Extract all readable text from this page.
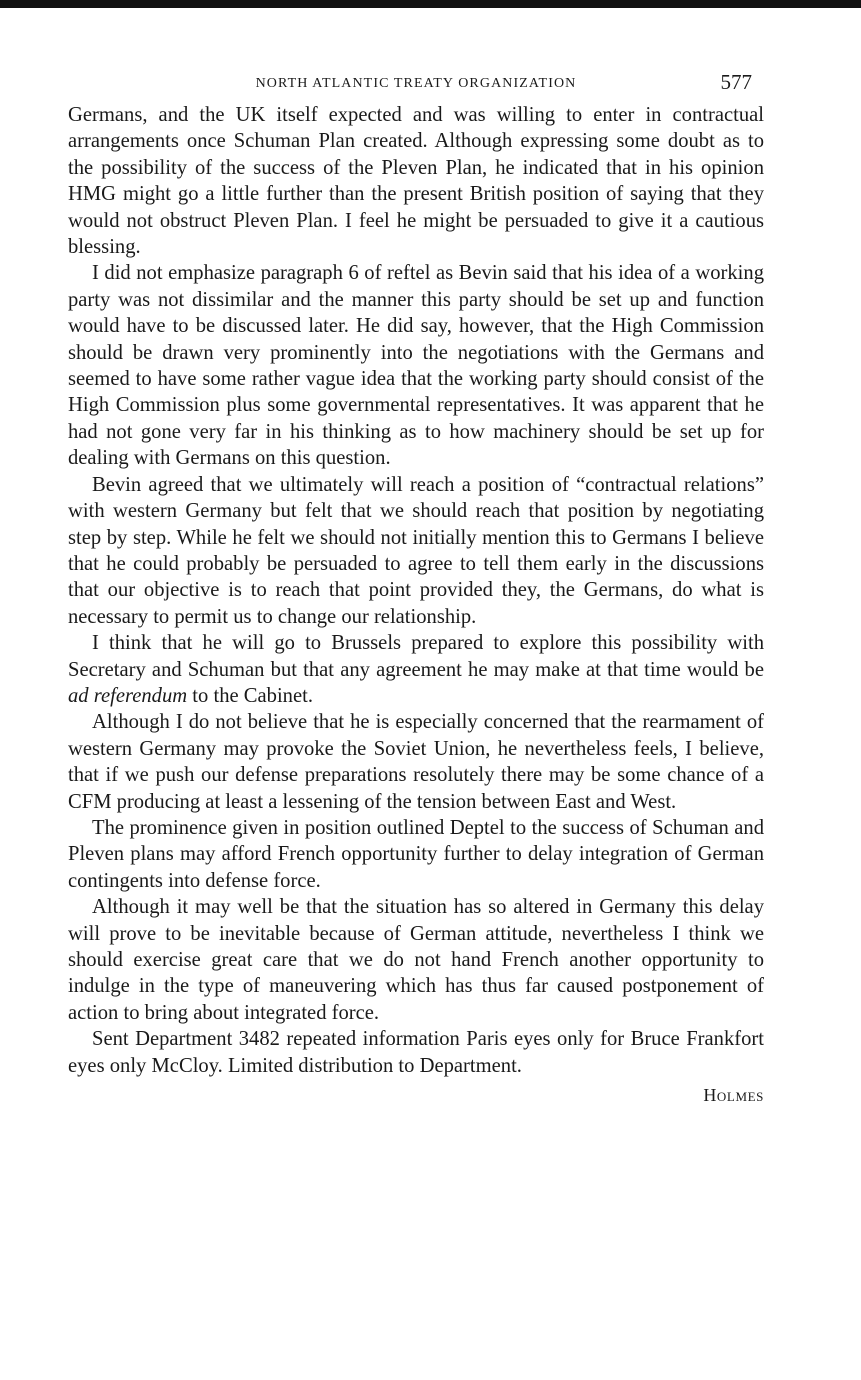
NORTH ATLANTIC TREATY ORGANIZATION	577

Germans, and the UK itself expected and was willing to enter in contractual arrangements once Schuman Plan created. Although expressing some doubt as to the possibility of the success of the Pleven Plan, he indicated that in his opinion HMG might go a little further than the present British position of saying that they would not obstruct Pleven Plan. I feel he might be persuaded to give it a cautious blessing.

I did not emphasize paragraph 6 of reftel as Bevin said that his idea of a working party was not dissimilar and the manner this party should be set up and function would have to be discussed later. He did say, however, that the High Commission should be drawn very prominently into the negotiations with the Germans and seemed to have some rather vague idea that the working party should consist of the High Commission plus some governmental representatives. It was apparent that he had not gone very far in his thinking as to how machinery should be set up for dealing with Germans on this question.

Bevin agreed that we ultimately will reach a position of “contractual relations” with western Germany but felt that we should reach that position by negotiating step by step. While he felt we should not initially mention this to Germans I believe that he could probably be persuaded to agree to tell them early in the discussions that our objective is to reach that point provided they, the Germans, do what is necessary to permit us to change our relationship.

I think that he will go to Brussels prepared to explore this possibility with Secretary and Schuman but that any agreement he may make at that time would be ad referendum to the Cabinet.

Although I do not believe that he is especially concerned that the rearmament of western Germany may provoke the Soviet Union, he nevertheless feels, I believe, that if we push our defense preparations resolutely there may be some chance of a CFM producing at least a lessening of the tension between East and West.

The prominence given in position outlined Deptel to the success of Schuman and Pleven plans may afford French opportunity further to delay integration of German contingents into defense force.

Although it may well be that the situation has so altered in Germany this delay will prove to be inevitable because of German attitude, nevertheless I think we should exercise great care that we do not hand French another opportunity to indulge in the type of maneuvering which has thus far caused postponement of action to bring about integrated force.

Sent Department 3482 repeated information Paris eyes only for Bruce Frankfort eyes only McCloy. Limited distribution to Department.

Holmes
